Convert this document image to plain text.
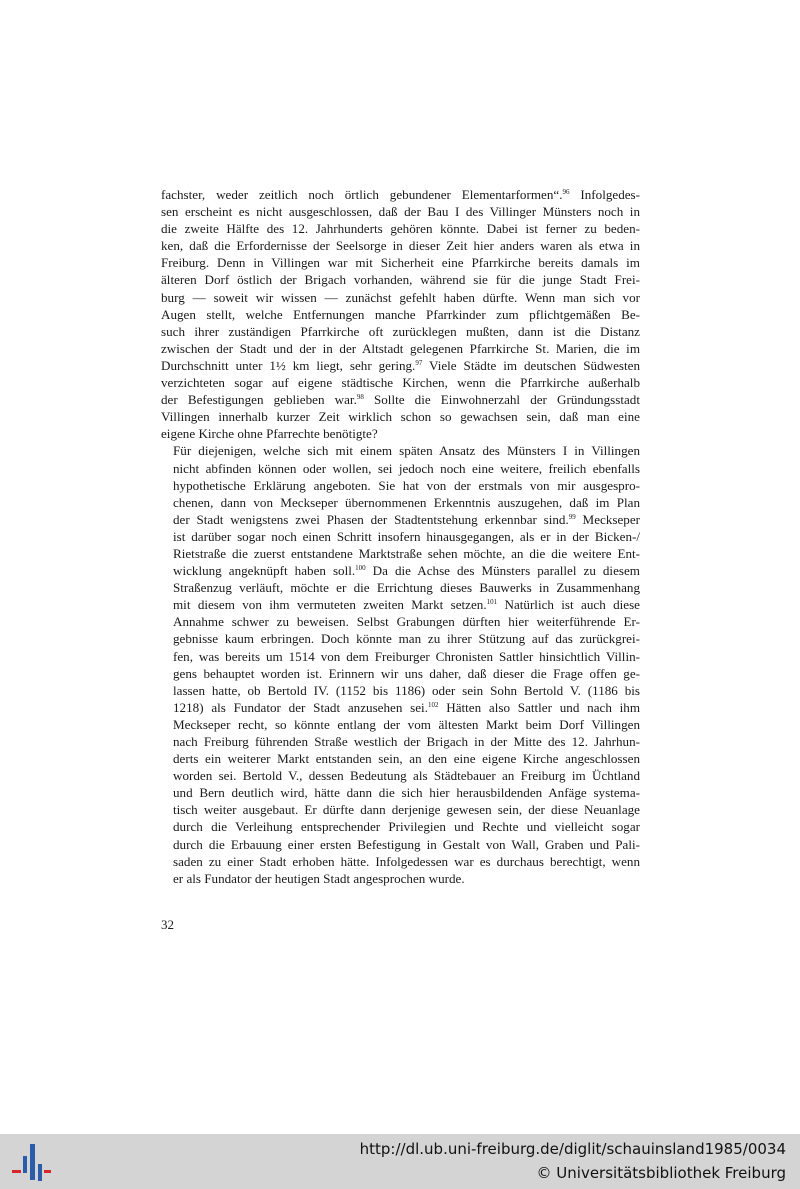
fachster, weder zeitlich noch örtlich gebundener Elementarformen“.$^{96}$ Infolgedes-
sen erscheint es nicht ausgeschlossen, daß der Bau I des Villinger Münsters noch in
die zweite Hälfte des 12. Jahrhunderts gehören könnte. Dabei ist ferner zu beden-
ken, daß die Erfordernisse der Seelsorge in dieser Zeit hier anders waren als etwa in
Freiburg. Denn in Villingen war mit Sicherheit eine Pfarrkirche bereits damals im
älteren Dorf östlich der Brigach vorhanden, während sie für die junge Stadt Frei-
burg — soweit wir wissen — zunächst gefehlt haben dürfte. Wenn man sich vor
Augen stellt, welche Entfernungen manche Pfarrkinder zum pflichtgemäßen Be-
such ihrer zuständigen Pfarrkirche oft zurücklegen mußten, dann ist die Distanz
zwischen der Stadt und der in der Altstadt gelegenen Pfarrkirche St. Marien, die im
Durchschnitt unter 1½ km liegt, sehr gering.$^{97}$ Viele Städte im deutschen Südwesten
verzichteten sogar auf eigene städtische Kirchen, wenn die Pfarrkirche außerhalb
der Befestigungen geblieben war.$^{98}$ Sollte die Einwohnerzahl der Gründungsstadt
Villingen innerhalb kurzer Zeit wirklich schon so gewachsen sein, daß man eine
eigene Kirche ohne Pfarrechte benötigte?

Für diejenigen, welche sich mit einem späten Ansatz des Münsters I in Villingen
nicht abfinden können oder wollen, sei jedoch noch eine weitere, freilich ebenfalls
hypothetische Erklärung angeboten. Sie hat von der erstmals von mir ausgespro-
chenen, dann von Meckseper übernommenen Erkenntnis auszugehen, daß im Plan
der Stadt wenigstens zwei Phasen der Stadtentstehung erkennbar sind.$^{99}$ Meckseper
ist darüber sogar noch einen Schritt insofern hinausgegangen, als er in der Bicken-/
Rietstraße die zuerst entstandene Marktstraße sehen möchte, an die die weitere Ent-
wicklung angeknüpft haben soll.$^{100}$ Da die Achse des Münsters parallel zu diesem
Straßenzug verläuft, möchte er die Errichtung dieses Bauwerks in Zusammenhang
mit diesem von ihm vermuteten zweiten Markt setzen.$^{101}$ Natürlich ist auch diese
Annahme schwer zu beweisen. Selbst Grabungen dürften hier weiterführende Er-
gebnisse kaum erbringen. Doch könnte man zu ihrer Stützung auf das zurückgrei-
fen, was bereits um 1514 von dem Freiburger Chronisten Sattler hinsichtlich Villin-
gens behauptet worden ist. Erinnern wir uns daher, daß dieser die Frage offen ge-
lassen hatte, ob Bertold IV. (1152 bis 1186) oder sein Sohn Bertold V. (1186 bis
1218) als Fundator der Stadt anzusehen sei.$^{102}$ Hätten also Sattler und nach ihm
Meckseper recht, so könnte entlang der vom ältesten Markt beim Dorf Villingen
nach Freiburg führenden Straße westlich der Brigach in der Mitte des 12. Jahrhun-
derts ein weiterer Markt entstanden sein, an den eine eigene Kirche angeschlossen
worden sei. Bertold V., dessen Bedeutung als Städtebauer an Freiburg im Üchtland
und Bern deutlich wird, hätte dann die sich hier herausbildenden Anfäge systema-
tisch weiter ausgebaut. Er dürfte dann derjenige gewesen sein, der diese Neuanlage
durch die Verleihung entsprechender Privilegien und Rechte und vielleicht sogar
durch die Erbauung einer ersten Befestigung in Gestalt von Wall, Graben und Pali-
saden zu einer Stadt erhoben hätte. Infolgedessen war es durchaus berechtigt, wenn
er als Fundator der heutigen Stadt angesprochen wurde.

32
http://dl.ub.uni-freiburg.de/diglit/schauinsland1985/0034
© Universitätsbibliothek Freiburg
